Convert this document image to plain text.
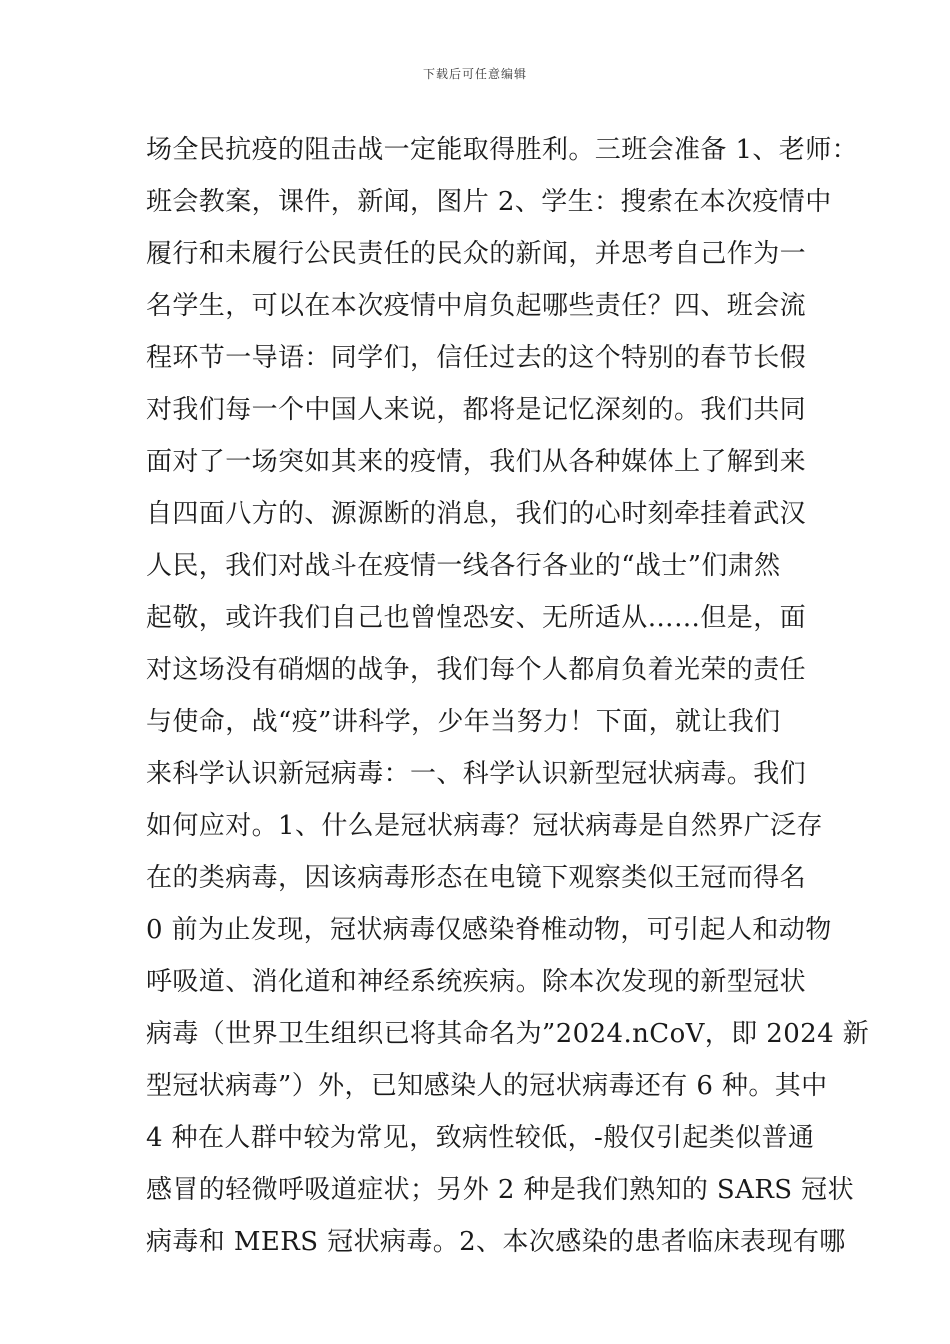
下载后可任意编辑
场全民抗疫的阻击战一定能取得胜利。三班会准备 1、老师：
班会教案，课件，新闻，图片 2、学生：搜索在本次疫情中
履行和未履行公民责任的民众的新闻，并思考自己作为一
名学生，可以在本次疫情中肩负起哪些责任？四、班会流
程环节一导语：同学们，信任过去的这个特别的春节长假
对我们每一个中国人来说，都将是记忆深刻的。我们共同
面对了一场突如其来的疫情，我们从各种媒体上了解到来
自四面八方的、源源断的消息，我们的心时刻牵挂着武汉
人民，我们对战斗在疫情一线各行各业的“战士”们肃然
起敬，或许我们自己也曾惶恐安、无所适从……但是，面
对这场没有硝烟的战争，我们每个人都肩负着光荣的责任
与使命，战“疫”讲科学，少年当努力！下面，就让我们
来科学认识新冠病毒：一、科学认识新型冠状病毒。我们
如何应对。1、什么是冠状病毒？冠状病毒是自然界广泛存
在的类病毒，因该病毒形态在电镜下观察类似王冠而得名
0 前为止发现，冠状病毒仅感染脊椎动物，可引起人和动物
呼吸道、消化道和神经系统疾病。除本次发现的新型冠状
病毒（世界卫生组织已将其命名为”2024.nCoV，即 2024 新
型冠状病毒”）外，已知感染人的冠状病毒还有 6 种。其中
4 种在人群中较为常见，致病性较低，-般仅引起类似普通
感冒的轻微呼吸道症状；另外 2 种是我们熟知的 SARS 冠状
病毒和 MERS 冠状病毒。2、本次感染的患者临床表现有哪
